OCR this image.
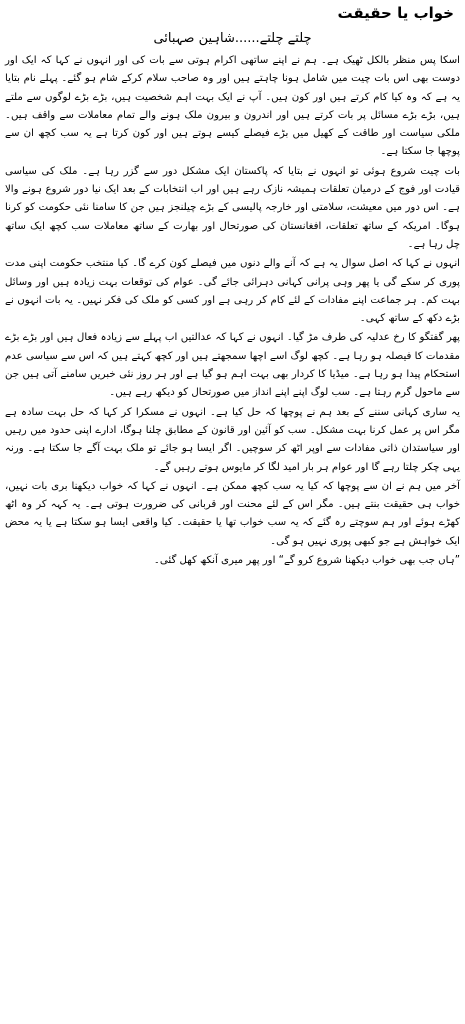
خواب یا حقیقت
چلتے چلتے......شاہین صہبائی

اسکا پس منظر بالکل ٹھیک ہے۔ ہم نے اپنے ساتھی اکرام ہوتی سے بات کی اور انہوں نے کہا کہ ایک اور دوست بھی اس بات چیت میں شامل ہونا چاہتے ہیں اور وہ صاحب سلام کرکے شام ہو گئے۔ پہلے نام بتایا یہ ہے کہ وہ کیا کام کرتے ہیں اور کون ہیں۔ آپ نے ایک بہت اہم شخصیت ہیں، بڑے بڑے لوگوں سے ملتے ہیں، بڑے بڑے مسائل پر بات کرتے ہیں اور اندرون و بیرون ملک ہونے والے تمام معاملات سے واقف ہیں۔ ملکی سیاست اور طاقت کے کھیل میں بڑے فیصلے کیسے ہوتے ہیں اور کون کرتا ہے یہ سب کچھ ان سے پوچھا جا سکتا ہے۔

بات چیت شروع ہوئی تو انہوں نے بتایا کہ پاکستان ایک مشکل دور سے گزر رہا ہے۔ ملک کی سیاسی قیادت اور فوج کے درمیان تعلقات ہمیشہ نازک رہے ہیں اور اب انتخابات کے بعد ایک نیا دور شروع ہونے والا ہے۔ اس دور میں معیشت، سلامتی اور خارجہ پالیسی کے بڑے چیلنجز ہیں جن کا سامنا نئی حکومت کو کرنا ہوگا۔ امریکہ کے ساتھ تعلقات، افغانستان کی صورتحال اور بھارت کے ساتھ معاملات سب کچھ ایک ساتھ چل رہا ہے۔

انہوں نے کہا کہ اصل سوال یہ ہے کہ آنے والے دنوں میں فیصلے کون کرے گا۔ کیا منتخب حکومت اپنی مدت پوری کر سکے گی یا پھر وہی پرانی کہانی دہرائی جائے گی۔ عوام کی توقعات بہت زیادہ ہیں اور وسائل بہت کم۔ ہر جماعت اپنے مفادات کے لئے کام کر رہی ہے اور کسی کو ملک کی فکر نہیں۔ یہ بات انہوں نے بڑے دکھ کے ساتھ کہی۔

پھر گفتگو کا رخ عدلیہ کی طرف مڑ گیا۔ انہوں نے کہا کہ عدالتیں اب پہلے سے زیادہ فعال ہیں اور بڑے بڑے مقدمات کا فیصلہ ہو رہا ہے۔ کچھ لوگ اسے اچھا سمجھتے ہیں اور کچھ کہتے ہیں کہ اس سے سیاسی عدم استحکام پیدا ہو رہا ہے۔ میڈیا کا کردار بھی بہت اہم ہو گیا ہے اور ہر روز نئی خبریں سامنے آتی ہیں جن سے ماحول گرم رہتا ہے۔ سب لوگ اپنے اپنے انداز میں صورتحال کو دیکھ رہے ہیں۔

یہ ساری کہانی سننے کے بعد ہم نے پوچھا کہ حل کیا ہے۔ انہوں نے مسکرا کر کہا کہ حل بہت سادہ ہے مگر اس پر عمل کرنا بہت مشکل۔ سب کو آئین اور قانون کے مطابق چلنا ہوگا، ادارے اپنی حدود میں رہیں اور سیاستدان ذاتی مفادات سے اوپر اٹھ کر سوچیں۔ اگر ایسا ہو جائے تو ملک بہت آگے جا سکتا ہے۔ ورنہ یہی چکر چلتا رہے گا اور عوام ہر بار امید لگا کر مایوس ہوتے رہیں گے۔

آخر میں ہم نے ان سے پوچھا کہ کیا یہ سب کچھ ممکن ہے۔ انہوں نے کہا کہ خواب دیکھنا بری بات نہیں، خواب ہی حقیقت بنتے ہیں۔ مگر اس کے لئے محنت اور قربانی کی ضرورت ہوتی ہے۔ یہ کہہ کر وہ اٹھ کھڑے ہوئے اور ہم سوچتے رہ گئے کہ یہ سب خواب تھا یا حقیقت۔ کیا واقعی ایسا ہو سکتا ہے یا یہ محض ایک خواہش ہے جو کبھی پوری نہیں ہو گی۔

”ہاں جب بھی خواب دیکھنا شروع کرو گے“ اور پھر میری آنکھ کھل گئی۔
